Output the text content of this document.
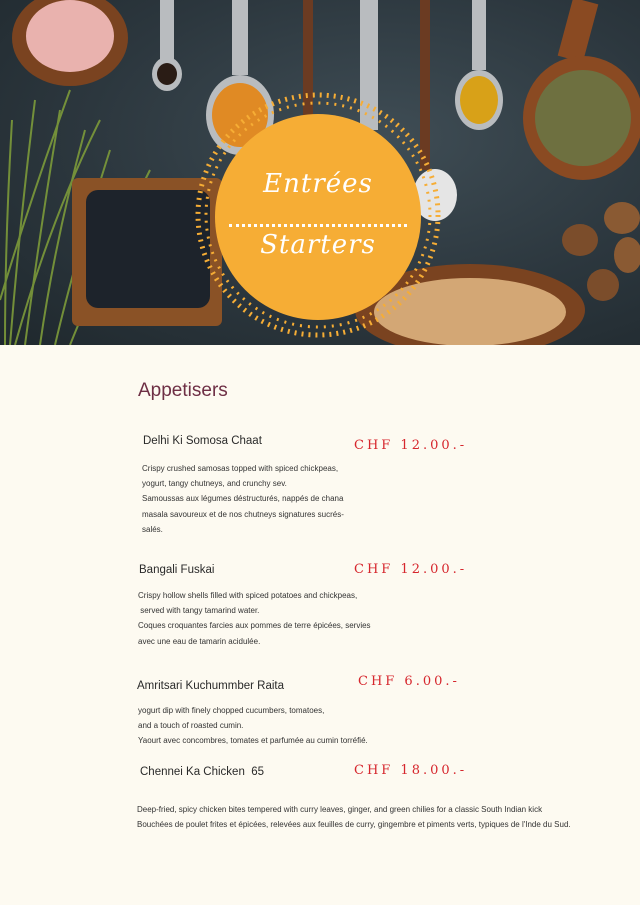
Entrées
Starters
Appetisers
Delhi Ki Somosa Chaat	CHF 12.00.-
Crispy crushed samosas topped with spiced chickpeas,
yogurt, tangy chutneys, and crunchy sev.
Samoussas aux légumes déstructurés, nappés de chana
masala savoureux et de nos chutneys signatures sucrés-
salés.
Bangali Fuskai	CHF 12.00.-
Crispy hollow shells filled with spiced potatoes and chickpeas,
served with tangy tamarind water.
Coques croquantes farcies aux pommes de terre épicées, servies
avec une eau de tamarin acidulée.
Amritsari Kuchummber Raita	CHF 6.00.-
yogurt dip with finely chopped cucumbers, tomatoes,
and a touch of roasted cumin.
Yaourt avec concombres, tomates et parfumée au cumin torréfié.
Chennei Ka Chicken  65	CHF 18.00.-
Deep-fried, spicy chicken bites tempered with curry leaves, ginger, and green chilies for a classic South Indian kick
Bouchées de poulet frites et épicées, relevées aux feuilles de curry, gingembre et piments verts, typiques de l'Inde du Sud.
